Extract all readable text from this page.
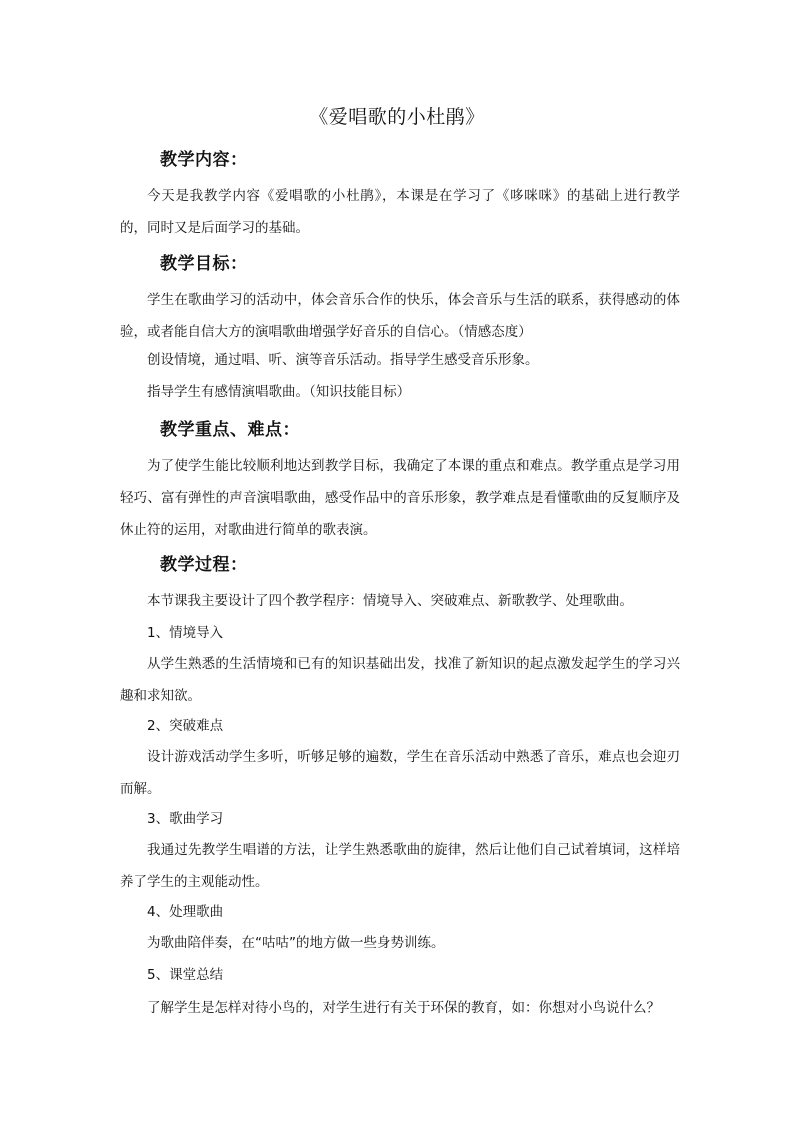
《爱唱歌的小杜鹃》
教学内容：
今天是我教学内容《爱唱歌的小杜鹃》，本课是在学习了《哆咪咪》的基础上进行教学的，同时又是后面学习的基础。
教学目标：
学生在歌曲学习的活动中，体会音乐合作的快乐，体会音乐与生活的联系，获得感动的体验，或者能自信大方的演唱歌曲增强学好音乐的自信心。（情感态度）
创设情境，通过唱、听、演等音乐活动。指导学生感受音乐形象。
指导学生有感情演唱歌曲。（知识技能目标）
教学重点、难点：
为了使学生能比较顺利地达到教学目标，我确定了本课的重点和难点。教学重点是学习用轻巧、富有弹性的声音演唱歌曲，感受作品中的音乐形象，教学难点是看懂歌曲的反复顺序及休止符的运用，对歌曲进行简单的歌表演。
教学过程：
本节课我主要设计了四个教学程序：情境导入、突破难点、新歌教学、处理歌曲。
1、情境导入
从学生熟悉的生活情境和已有的知识基础出发，找准了新知识的起点激发起学生的学习兴趣和求知欲。
2、突破难点
设计游戏活动学生多听，听够足够的遍数，学生在音乐活动中熟悉了音乐，难点也会迎刃而解。
3、歌曲学习
我通过先教学生唱谱的方法，让学生熟悉歌曲的旋律，然后让他们自己试着填词，这样培养了学生的主观能动性。
4、处理歌曲
为歌曲陪伴奏，在“咕咕”的地方做一些身势训练。
5、课堂总结
了解学生是怎样对待小鸟的，对学生进行有关于环保的教育，如：你想对小鸟说什么？
